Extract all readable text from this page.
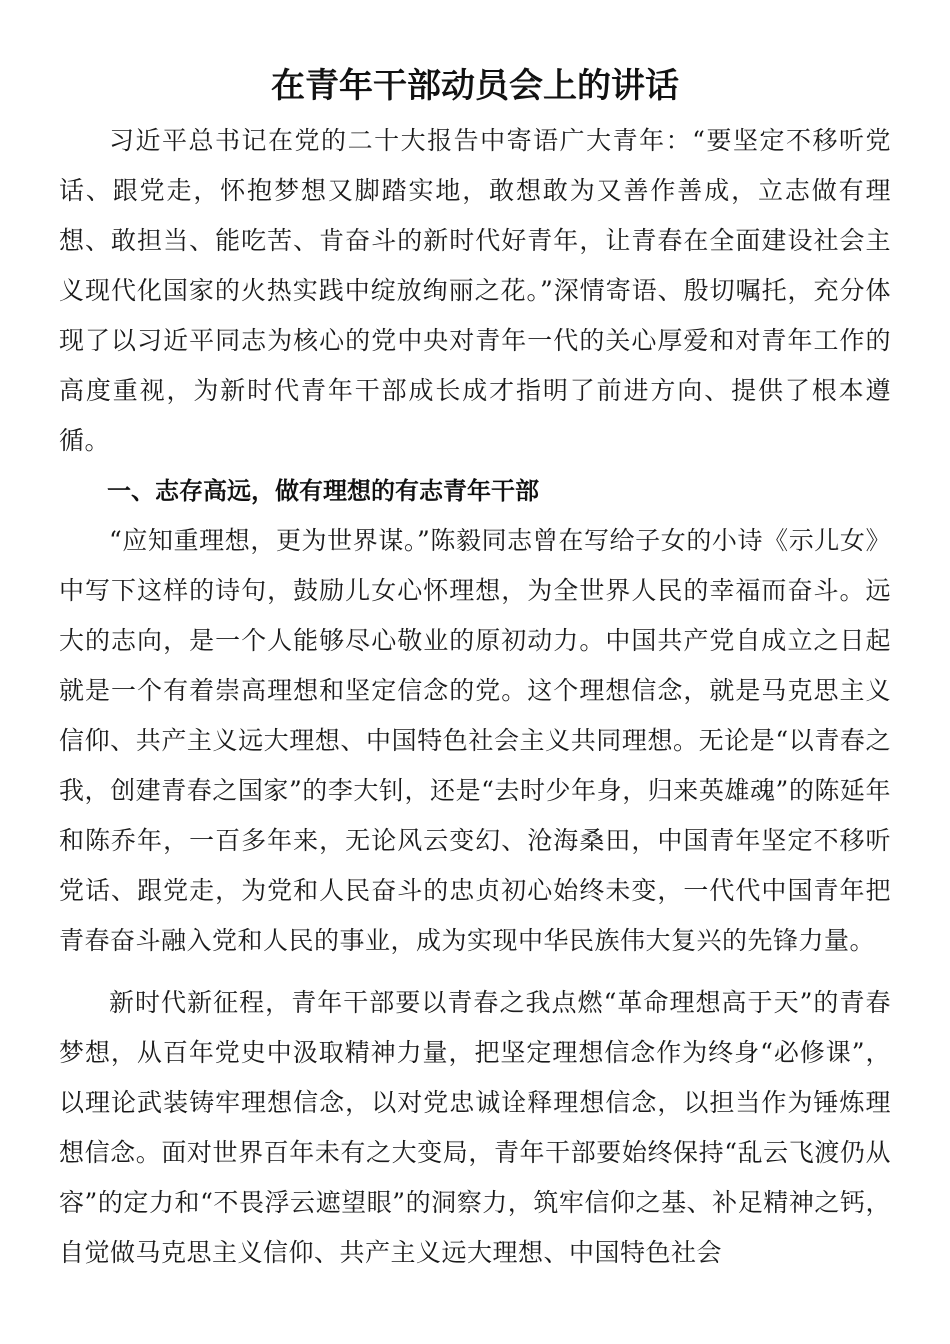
在青年干部动员会上的讲话

习近平总书记在党的二十大报告中寄语广大青年：“要坚定不移听党话、跟党走，怀抱梦想又脚踏实地，敢想敢为又善作善成，立志做有理想、敢担当、能吃苦、肯奋斗的新时代好青年，让青春在全面建设社会主义现代化国家的火热实践中绽放绚丽之花。”深情寄语、殷切嘱托，充分体现了以习近平同志为核心的党中央对青年一代的关心厚爱和对青年工作的高度重视，为新时代青年干部成长成才指明了前进方向、提供了根本遵循。

一、志存高远，做有理想的有志青年干部

“应知重理想，更为世界谋。”陈毅同志曾在写给子女的小诗《示儿女》中写下这样的诗句，鼓励儿女心怀理想，为全世界人民的幸福而奋斗。远大的志向，是一个人能够尽心敬业的原初动力。中国共产党自成立之日起就是一个有着崇高理想和坚定信念的党。这个理想信念，就是马克思主义信仰、共产主义远大理想、中国特色社会主义共同理想。无论是“以青春之我，创建青春之国家”的李大钊，还是“去时少年身，归来英雄魂”的陈延年和陈乔年，一百多年来，无论风云变幻、沧海桑田，中国青年坚定不移听党话、跟党走，为党和人民奋斗的忠贞初心始终未变，一代代中国青年把青春奋斗融入党和人民的事业，成为实现中华民族伟大复兴的先锋力量。

新时代新征程，青年干部要以青春之我点燃“革命理想高于天”的青春梦想，从百年党史中汲取精神力量，把坚定理想信念作为终身“必修课”，以理论武装铸牢理想信念，以对党忠诚诠释理想信念，以担当作为锤炼理想信念。面对世界百年未有之大变局，青年干部要始终保持“乱云飞渡仍从容”的定力和“不畏浮云遮望眼”的洞察力，筑牢信仰之基、补足精神之钙，自觉做马克思主义信仰、共产主义远大理想、中国特色社会
